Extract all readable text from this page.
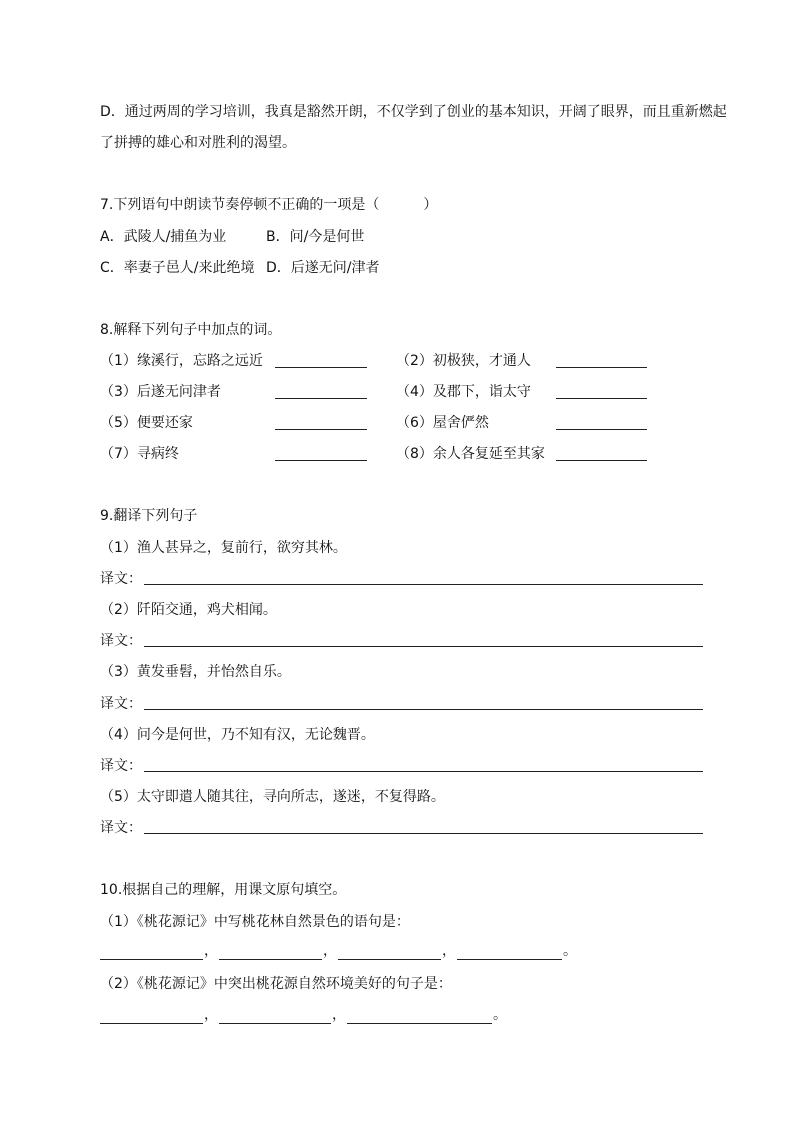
D．通过两周的学习培训，我真是豁然开朗，不仅学到了创业的基本知识，开阔了眼界，而且重新燃起
了拼搏的雄心和对胜利的渴望。
7.下列语句中朗读节奏停顿不正确的一项是（	）
A．武陵人/捕鱼为业	B．问/今是何世
C．率妻子邑人/来此绝境 D．后遂无问/津者
8.解释下列句子中加点的词。
（1）缘溪行，忘路之远近	（2）初极狭，才通人
（3）后遂无问津者	（4）及郡下，诣太守
（5）便要还家	（6）屋舍俨然
（7）寻病终	（8）余人各复延至其家
9.翻译下列句子
（1）渔人甚异之，复前行，欲穷其林。
译文：
（2）阡陌交通，鸡犬相闻。
译文：
（3）黄发垂髫，并怡然自乐。
译文：
（4）问今是何世，乃不知有汉，无论魏晋。
译文：
（5）太守即遣人随其往，寻向所志，遂迷，不复得路。
译文：
10.根据自己的理解，用课文原句填空。
（1）《桃花源记》中写桃花林自然景色的语句是：
，	，	，	。
（2）《桃花源记》中突出桃花源自然环境美好的句子是：
，	，	。
